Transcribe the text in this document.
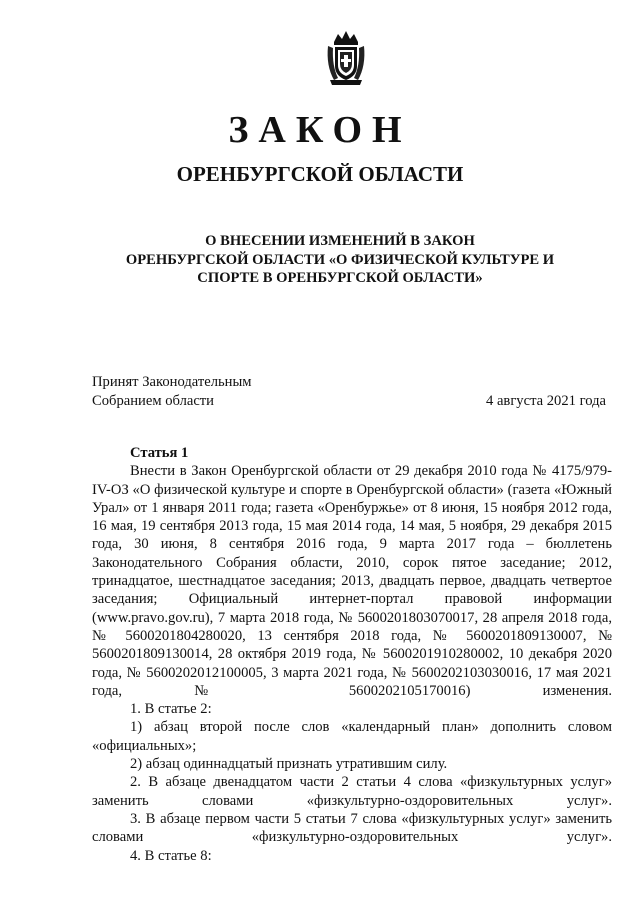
ЗАКОН
ОРЕНБУРГСКОЙ ОБЛАСТИ
О ВНЕСЕНИИ ИЗМЕНЕНИЙ В ЗАКОН
ОРЕНБУРГСКОЙ ОБЛАСТИ «О ФИЗИЧЕСКОЙ КУЛЬТУРЕ И
СПОРТЕ В ОРЕНБУРГСКОЙ ОБЛАСТИ»
Принят Законодательным
Собранием области	4 августа 2021 года

Статья 1

Внести в Закон Оренбургской области от 29 декабря 2010 года № 4175/979-IV-ОЗ «О физической культуре и спорте в Оренбургской области» (газета «Южный Урал» от 1 января 2011 года; газета «Оренбуржье» от 8 июня, 15 ноября 2012 года, 16 мая, 19 сентября 2013 года, 15 мая 2014 года, 14 мая, 5 ноября, 29 декабря 2015 года, 30 июня, 8 сентября 2016 года, 9 марта 2017 года – бюллетень Законодательного Собрания области, 2010, сорок пятое заседание; 2012, тринадцатое, шестнадцатое заседания; 2013, двадцать первое, двадцать четвертое заседания; Официальный интернет-портал правовой информации (www.pravo.gov.ru), 7 марта 2018 года, № 5600201803070017, 28 апреля 2018 года, № 5600201804280020, 13 сентября 2018 года, № 5600201809130007, № 5600201809130014, 28 октября 2019 года, № 5600201910280002, 10 декабря 2020 года, № 5600202012100005, 3 марта 2021 года, № 5600202103030016, 17 мая 2021 года, № 5600202105170016) изменения.

1. В статье 2:

1) абзац второй после слов «календарный план» дополнить словом «официальных»;

2) абзац одиннадцатый признать утратившим силу.

2. В абзаце двенадцатом части 2 статьи 4 слова «физкультурных услуг» заменить словами «физкультурно-оздоровительных услуг».

3. В абзаце первом части 5 статьи 7 слова «физкультурных услуг» заменить словами «физкультурно-оздоровительных услуг».

4. В статье 8:
